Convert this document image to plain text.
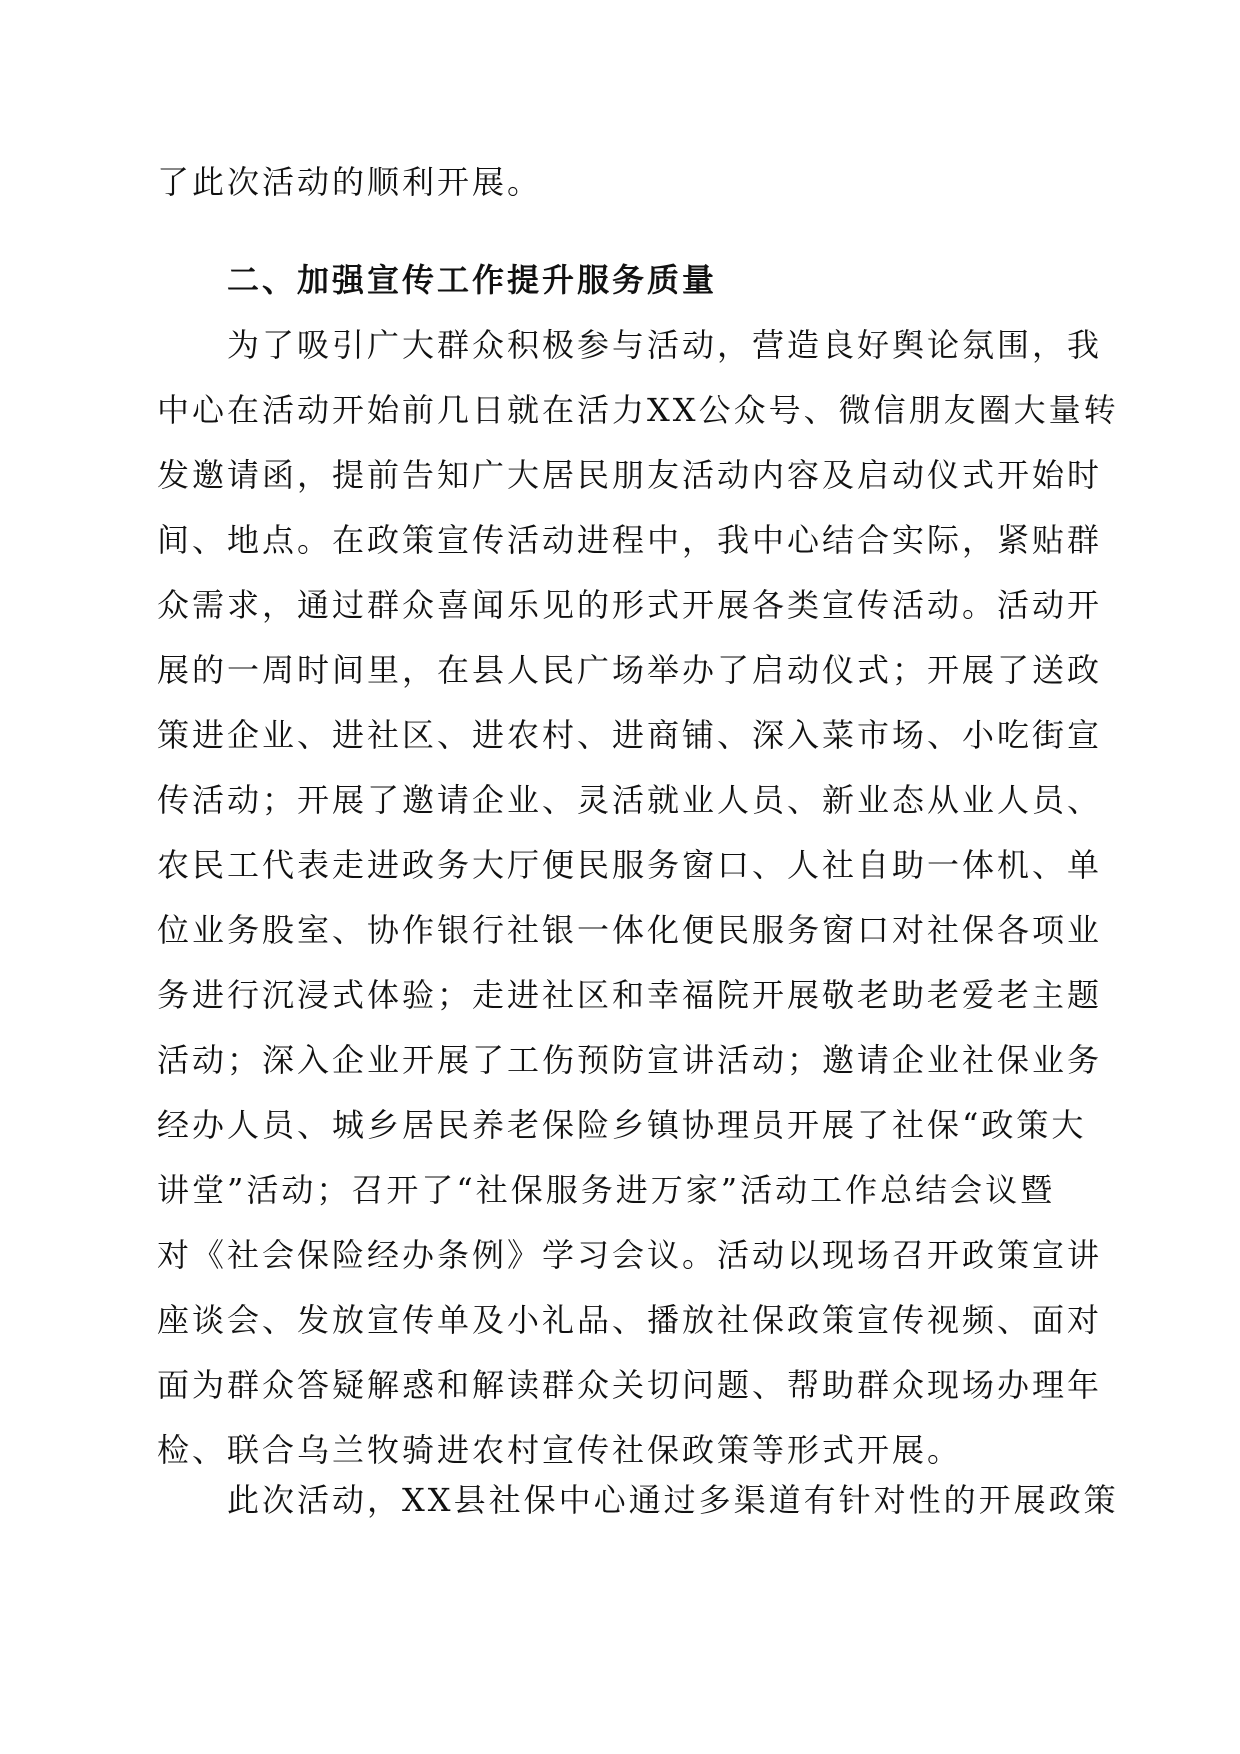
了此次活动的顺利开展。
二、加强宣传工作提升服务质量
为了吸引广大群众积极参与活动，营造良好舆论氛围，我
中心在活动开始前几日就在活力XX公众号、微信朋友圈大量转
发邀请函，提前告知广大居民朋友活动内容及启动仪式开始时
间、地点。在政策宣传活动进程中，我中心结合实际，紧贴群
众需求，通过群众喜闻乐见的形式开展各类宣传活动。活动开
展的一周时间里，在县人民广场举办了启动仪式；开展了送政
策进企业、进社区、进农村、进商铺、深入菜市场、小吃街宣
传活动；开展了邀请企业、灵活就业人员、新业态从业人员、
农民工代表走进政务大厅便民服务窗口、人社自助一体机、单
位业务股室、协作银行社银一体化便民服务窗口对社保各项业
务进行沉浸式体验；走进社区和幸福院开展敬老助老爱老主题
活动；深入企业开展了工伤预防宣讲活动；邀请企业社保业务
经办人员、城乡居民养老保险乡镇协理员开展了社保“政策大
讲堂”活动；召开了“社保服务进万家”活动工作总结会议暨
对《社会保险经办条例》学习会议。活动以现场召开政策宣讲
座谈会、发放宣传单及小礼品、播放社保政策宣传视频、面对
面为群众答疑解惑和解读群众关切问题、帮助群众现场办理年
检、联合乌兰牧骑进农村宣传社保政策等形式开展。
此次活动，XX县社保中心通过多渠道有针对性的开展政策
